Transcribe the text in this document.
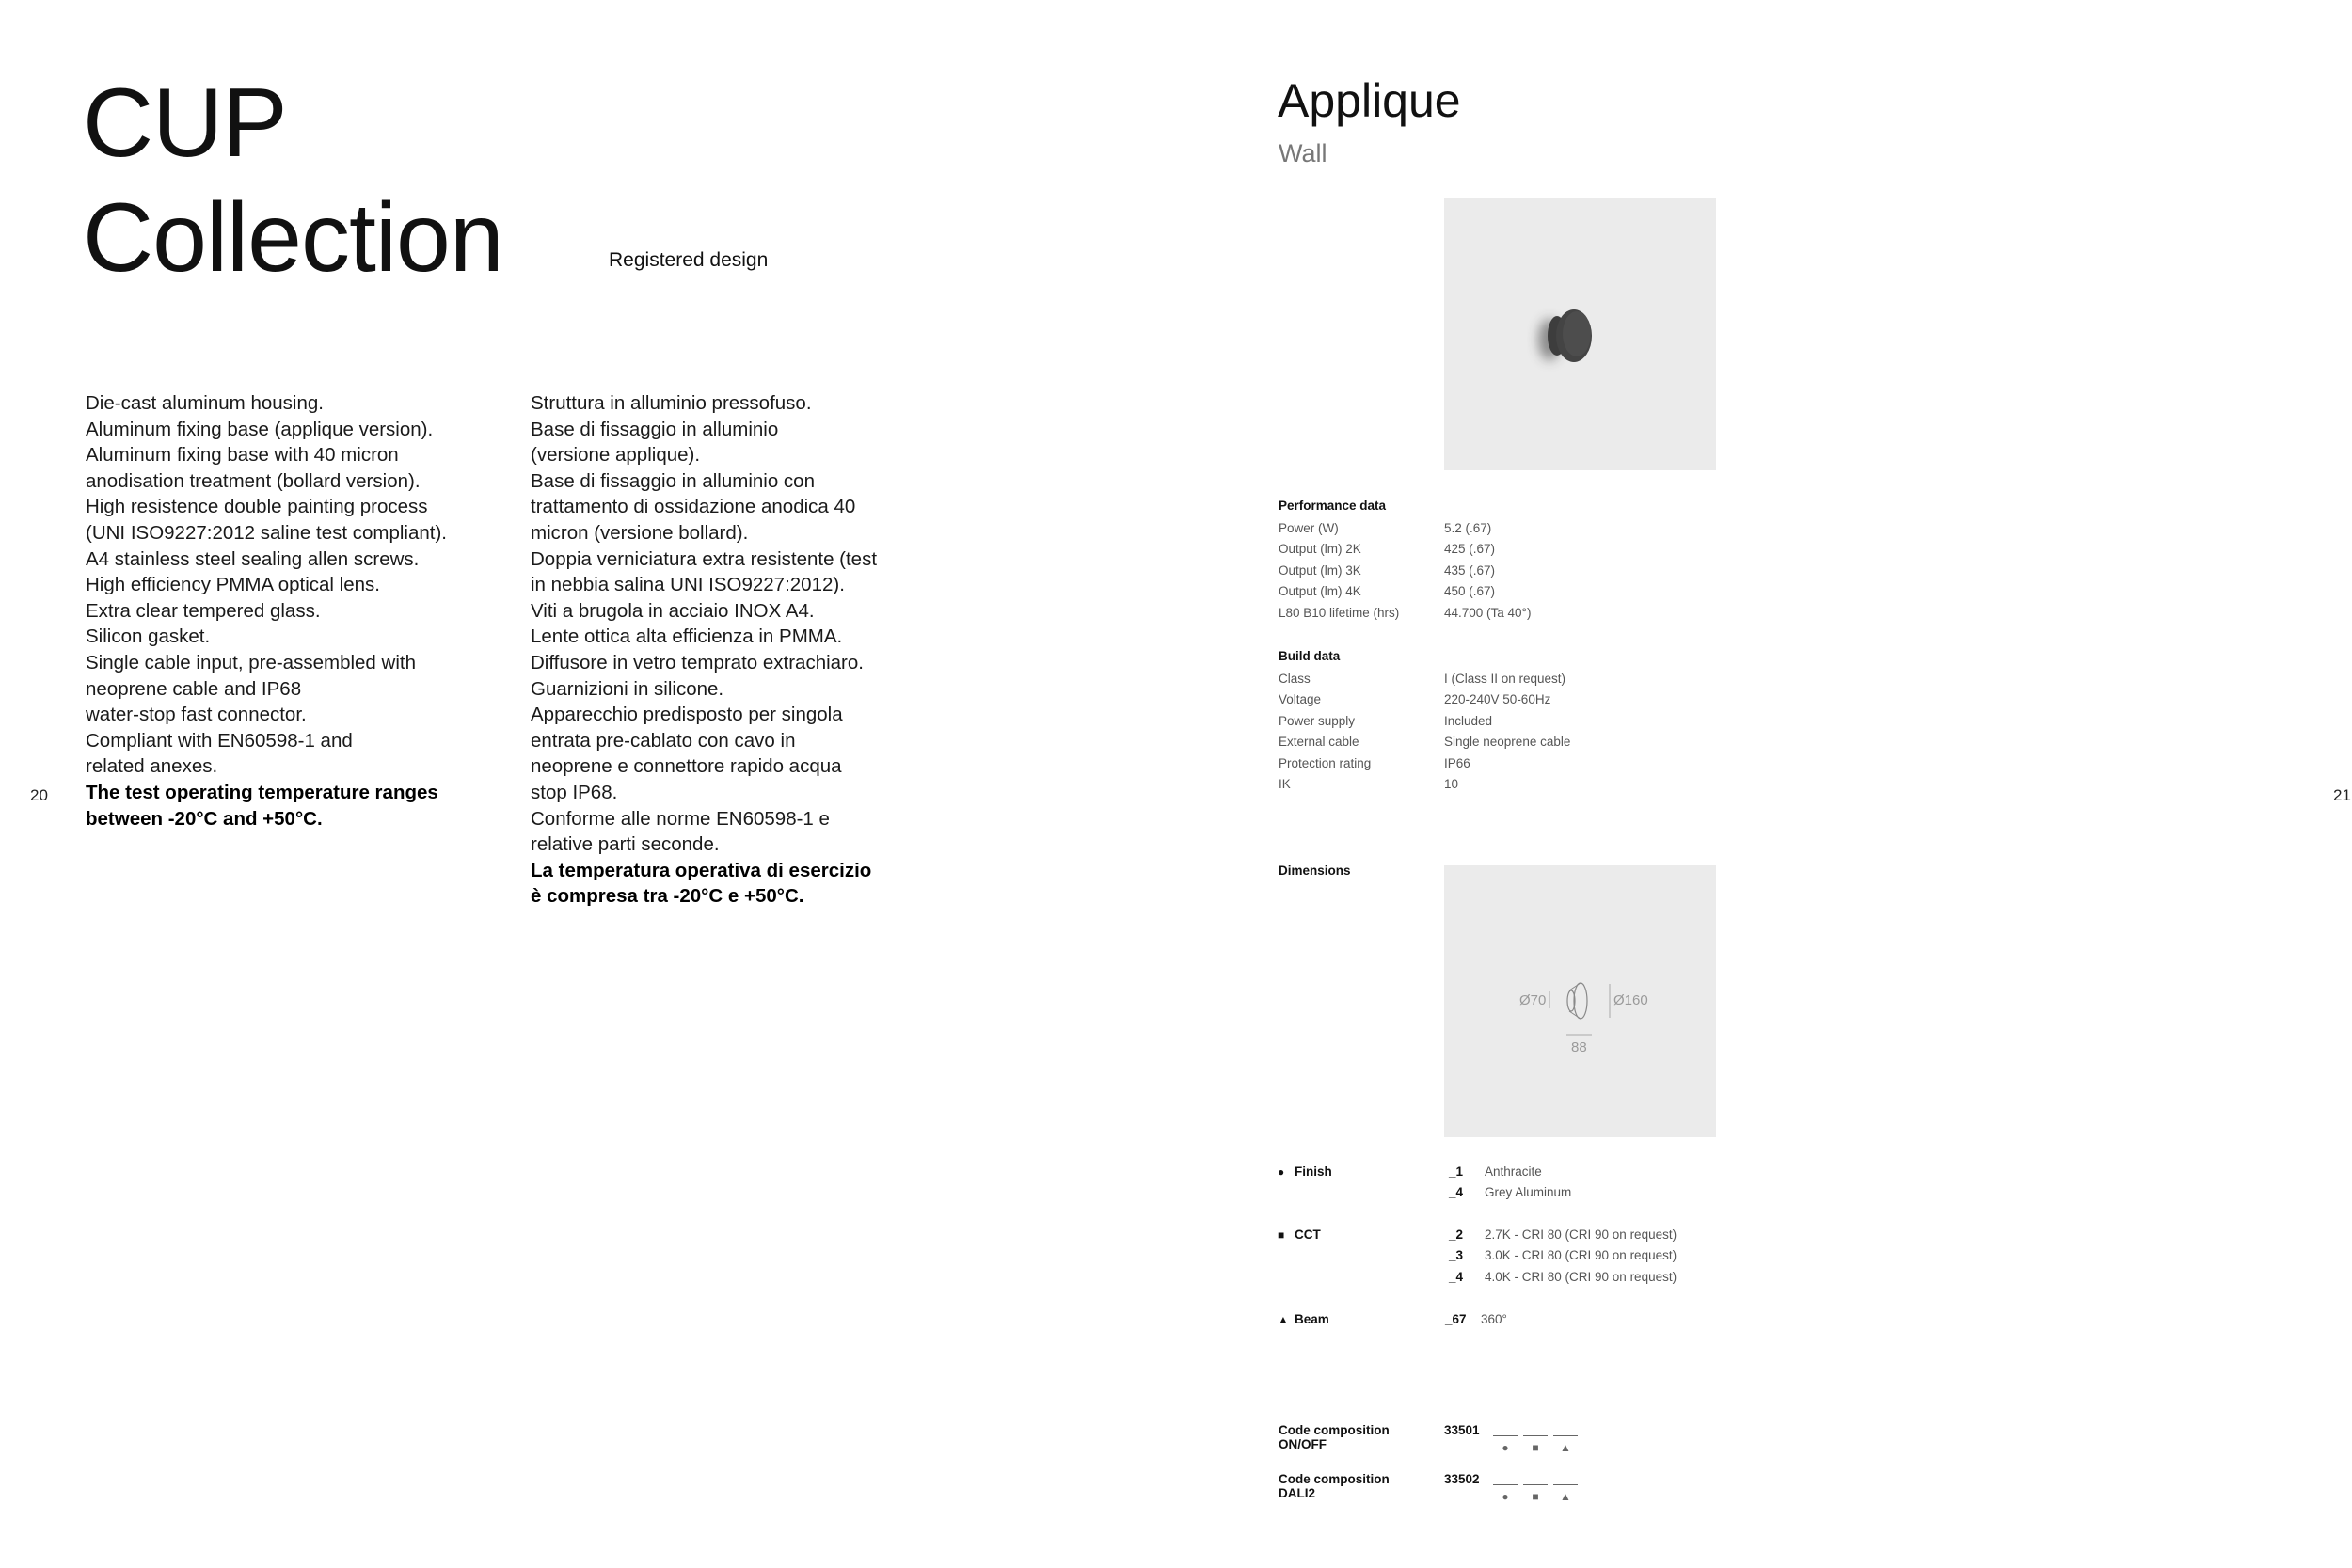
CUP
Collection	Registered design
Die-cast aluminum housing.
Aluminum fixing base (applique version).
Aluminum fixing base with 40 micron
anodisation treatment (bollard version).
High resistence double painting process
(UNI ISO9227:2012 saline test compliant).
A4 stainless steel sealing allen screws.
High efficiency PMMA optical lens.
Extra clear tempered glass.
Silicon gasket.
Single cable input, pre-assembled with
neoprene cable and IP68
water-stop fast connector.
Compliant with EN60598-1 and
related anexes.
The test operating temperature ranges
between -20°C and +50°C.
Struttura in alluminio pressofuso.
Base di fissaggio in alluminio
(versione applique).
Base di fissaggio in alluminio con
trattamento di ossidazione anodica 40
micron (versione bollard).
Doppia verniciatura extra resistente (test
in nebbia salina UNI ISO9227:2012).
Viti a brugola in acciaio INOX A4.
Lente ottica alta efficienza in PMMA.
Diffusore in vetro temprato extrachiaro.
Guarnizioni in silicone.
Apparecchio predisposto per singola
entrata pre-cablato con cavo in
neoprene e connettore rapido acqua
stop IP68.
Conforme alle norme EN60598-1 e
relative parti seconde.
La temperatura operativa di esercizio
è compresa tra -20°C e +50°C.
20
Applique
Wall
Performance data
Power (W)	5.2 (.67)
Output (lm) 2K	425 (.67)
Output (lm) 3K	435 (.67)
Output (lm) 4K	450 (.67)
L80 B10 lifetime (hrs)	44.700 (Ta 40°)
Build data
Class	I (Class II on request)
Voltage	220-240V 50-60Hz
Power supply	Included
External cable	Single neoprene cable
Protection rating	IP66
IK	10
Dimensions
Ø70	Ø160
88
● Finish	_1	Anthracite
_4	Grey Aluminum
■ CCT	_2	2.7K - CRI 80 (CRI 90 on request)
_3	3.0K - CRI 80 (CRI 90 on request)
_4	4.0K - CRI 80 (CRI 90 on request)
▲ Beam	_67	360°
Code composition
ON/OFF
33501
●	■	▲
Code composition
DALI2
33502
●	■	▲
21
